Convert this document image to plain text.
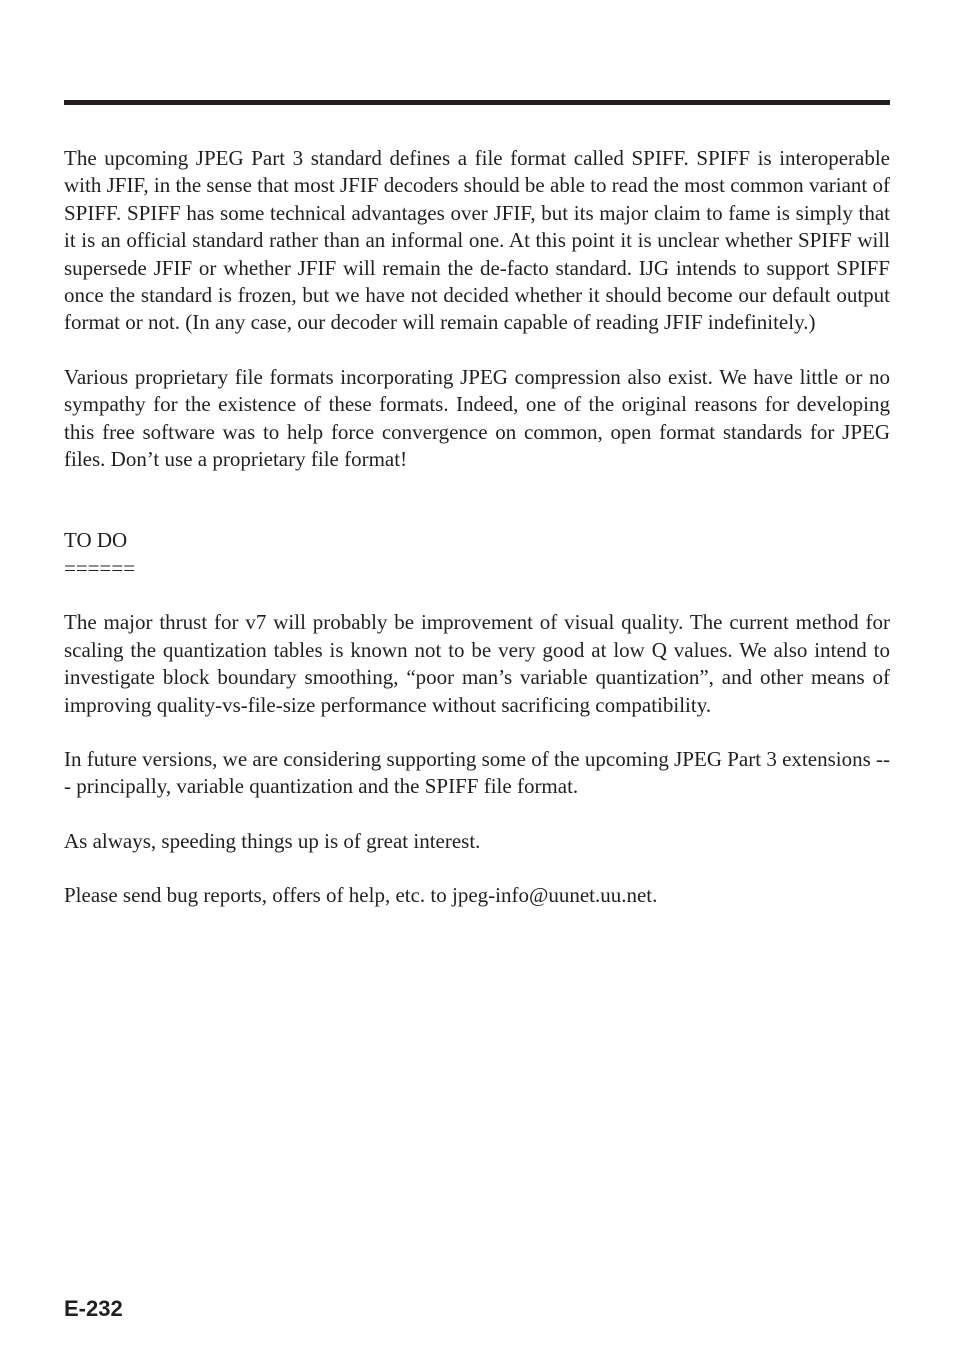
The upcoming JPEG Part 3 standard defines a file format called SPIFF. SPIFF is interoperable with JFIF, in the sense that most JFIF decoders should be able to read the most common variant of SPIFF. SPIFF has some technical advantages over JFIF, but its major claim to fame is simply that it is an official standard rather than an informal one. At this point it is unclear whether SPIFF will supersede JFIF or whether JFIF will remain the de-facto standard. IJG intends to support SPIFF once the standard is frozen, but we have not decided whether it should become our default output format or not. (In any case, our decoder will remain capable of reading JFIF indefinitely.)

Various proprietary file formats incorporating JPEG compression also exist. We have little or no sympathy for the existence of these formats. Indeed, one of the original reasons for developing this free software was to help force convergence on common, open format standards for JPEG files. Don’t use a proprietary file format!

TO DO
======

The major thrust for v7 will probably be improvement of visual quality. The current method for scaling the quantization tables is known not to be very good at low Q values. We also intend to investigate block boundary smoothing, “poor man’s variable quantization”, and other means of improving quality-vs-file-size performance without sacrificing compatibility.

In future versions, we are considering supporting some of the upcoming JPEG Part 3 extensions --- principally, variable quantization and the SPIFF file format.

As always, speeding things up is of great interest.

Please send bug reports, offers of help, etc. to jpeg-info@uunet.uu.net.

E-232
